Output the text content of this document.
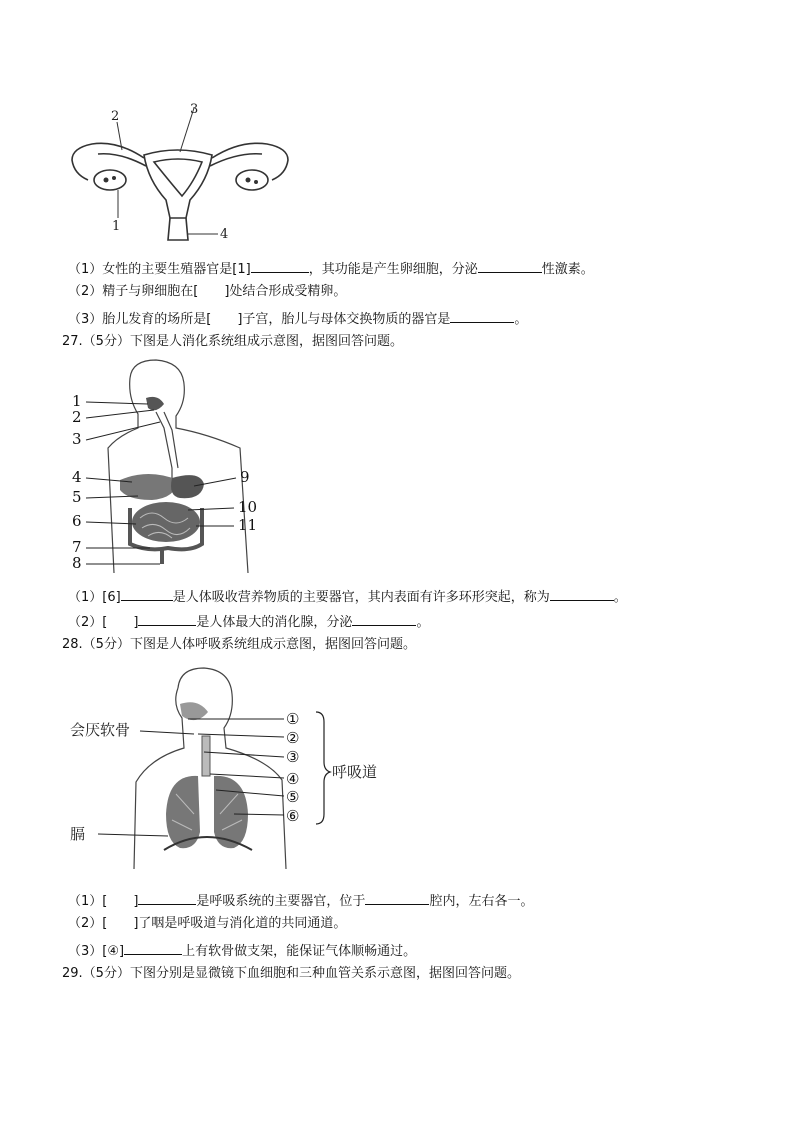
2	3
1
4
（1）女性的主要生殖器官是[1]	，其功能是产生卵细胞，分泌	性激素。
（2）精子与卵细胞在[ ]处结合形成受精卵。
（3）胎儿发育的场所是[ ]子宫，胎儿与母体交换物质的器官是	。
27.（5分）下图是人消化系统组成示意图，据图回答问题。
1
2
3
4
5
6
7
8
9
10
11
（1）[6]	是人体吸收营养物质的主要器官，其内表面有许多环形突起，称为	。
（2）[ ]	是人体最大的消化腺，分泌	。
28.（5分）下图是人体呼吸系统组成示意图，据图回答问题。
①
②
③
④
⑤
⑥
会厌软骨
膈
呼吸道
（1）[ ]	是呼吸系统的主要器官，位于	腔内，左右各一。
（2）[ ]了咽是呼吸道与消化道的共同通道。
（3）[④]	上有软骨做支架，能保证气体顺畅通过。
29.（5分）下图分别是显微镜下血细胞和三种血管关系示意图，据图回答问题。
